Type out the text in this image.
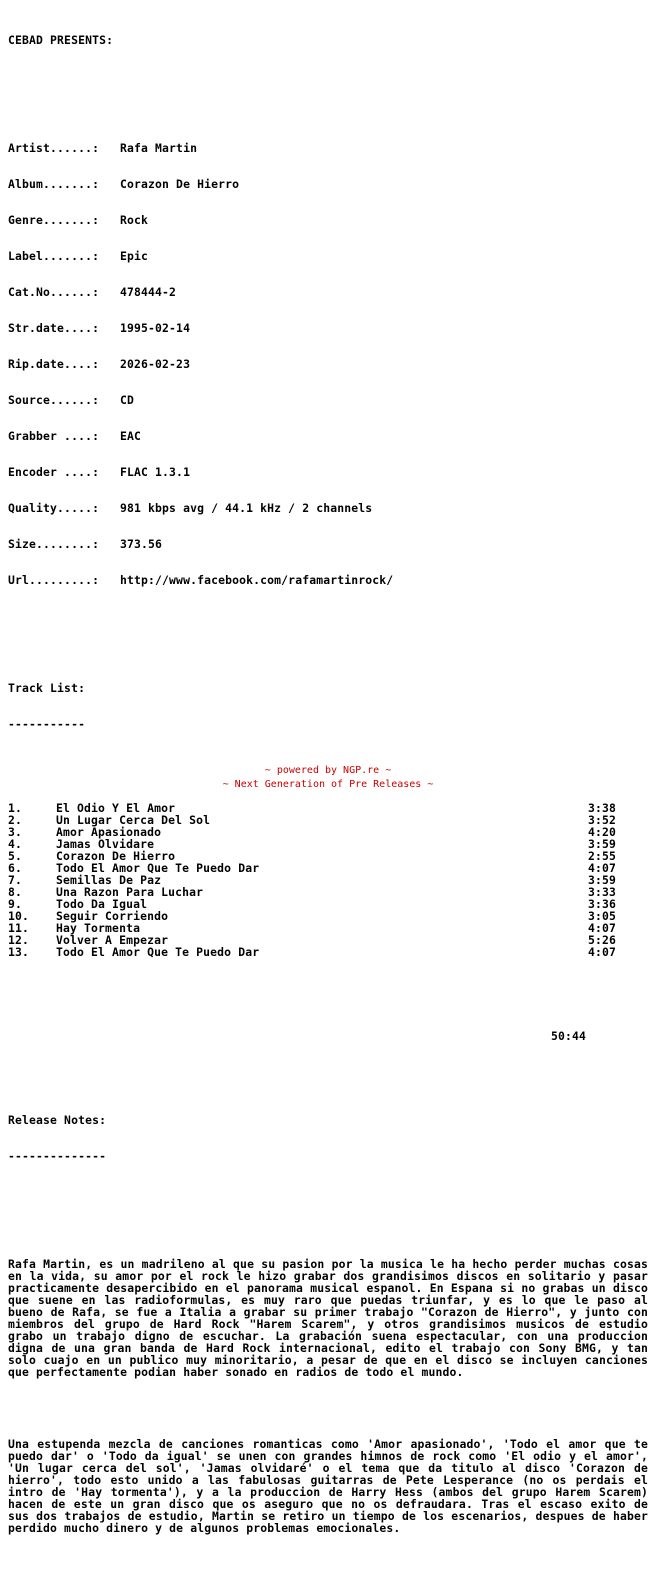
CEBAD PRESENTS:

Artist......: Rafa Martin

Album.......: Corazon De Hierro

Genre.......: Rock

Label.......: Epic

Cat.No......: 478444-2

Str.date....: 1995-02-14

Rip.date....: 2026-02-23

Source......: CD

Grabber ....: EAC

Encoder ....: FLAC 1.3.1

Quality.....: 981 kbps avg / 44.1 kHz / 2 channels

Size........: 373.56

Url.........: http://www.facebook.com/rafamartinrock/

Track List:

-----------

1.	El Odio Y El Amor	3:38
2.	Un Lugar Cerca Del Sol	3:52
3.	Amor Apasionado	4:20
4.	Jamas Olvidare	3:59
5.	Corazon De Hierro	2:55
6.	Todo El Amor Que Te Puedo Dar	4:07
7.	Semillas De Paz	3:59
8.	Una Razon Para Luchar	3:33
9.	Todo Da Igual	3:36
10.	Seguir Corriendo	3:05
11.	Hay Tormenta	4:07
12.	Volver A Empezar	5:26
13.	Todo El Amor Que Te Puedo Dar	4:07

50:44

Release Notes:

--------------

Rafa Martin, es un madrileno al que su pasion por la musica le ha hecho perder muchas cosas en la vida, su amor por el rock le hizo grabar dos grandisimos discos en solitario y pasar practicamente desapercibido en el panorama musical espanol. En Espana si no grabas un disco que suene en las radioformulas, es muy raro que puedas triunfar, y es lo que le paso al bueno de Rafa, se fue a Italia a grabar su primer trabajo "Corazon de Hierro", y junto con miembros del grupo de Hard Rock "Harem Scarem", y otros grandisimos musicos de estudio grabo un trabajo digno de escuchar. La grabación suena espectacular, con una produccion digna de una gran banda de Hard Rock internacional, edito el trabajo con Sony BMG, y tan solo cuajo en un publico muy minoritario, a pesar de que en el disco se incluyen canciones que perfectamente podian haber sonado en radios de todo el mundo.

Una estupenda mezcla de canciones romanticas como 'Amor apasionado', 'Todo el amor que te puedo dar' o 'Todo da igual' se unen con grandes himnos de rock como 'El odio y el amor', 'Un lugar cerca del sol', 'Jamas olvidaré' o el tema que da titulo al disco 'Corazon de hierro', todo esto unido a las fabulosas guitarras de Pete Lesperance (no os perdais el intro de 'Hay tormenta'), y a la produccion de Harry Hess (ambos del grupo Harem Scarem) hacen de este un gran disco que os aseguro que no os defraudara. Tras el escaso exito de sus dos trabajos de estudio, Martin se retiro un tiempo de los escenarios, despues de haber perdido mucho dinero y de algunos problemas emocionales.

~ powered by NGP.re ~
~ Next Generation of Pre Releases ~
